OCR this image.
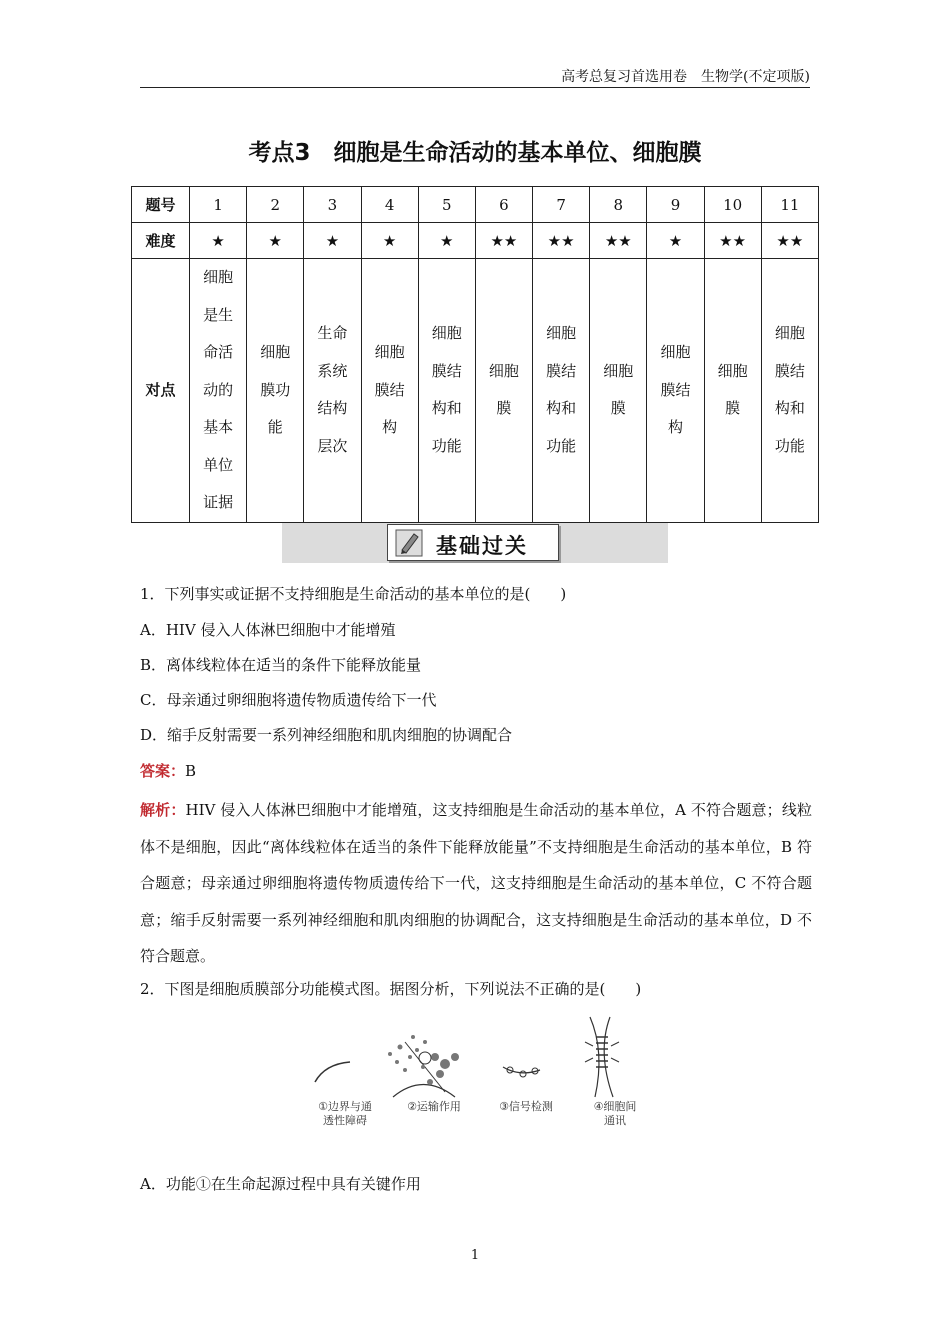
高考总复习首选用卷　生物学(不定项版)
考点3　细胞是生命活动的基本单位、细胞膜
题号	1	2	3	4	5	6	7	8	9	10	11
难度	★	★	★	★	★	★★	★★	★★	★	★★	★★
对点	细胞是生命活动的基本单位证据	细胞膜功能	生命系统结构层次	细胞膜结构	细胞膜结构和功能	细胞膜	细胞膜结构和功能	细胞膜	细胞膜结构	细胞膜	细胞膜结构和功能
基础过关
1．下列事实或证据不支持细胞是生命活动的基本单位的是(　　)
A．HIV 侵入人体淋巴细胞中才能增殖
B．离体线粒体在适当的条件下能释放能量
C．母亲通过卵细胞将遗传物质遗传给下一代
D．缩手反射需要一系列神经细胞和肌肉细胞的协调配合
答案：B
解析：HIV 侵入人体淋巴细胞中才能增殖，这支持细胞是生命活动的基本单位，A 不符合题意；线粒体不是细胞，因此“离体线粒体在适当的条件下能释放能量”不支持细胞是生命活动的基本单位，B 符合题意；母亲通过卵细胞将遗传物质遗传给下一代，这支持细胞是生命活动的基本单位，C 不符合题意；缩手反射需要一系列神经细胞和肌肉细胞的协调配合，这支持细胞是生命活动的基本单位，D 不符合题意。
2．下图是细胞质膜部分功能模式图。据图分析，下列说法不正确的是(　　)
①边界与通
透性障碍
②运输作用	③信号检测	④细胞间
通讯
A．功能①在生命起源过程中具有关键作用
1
